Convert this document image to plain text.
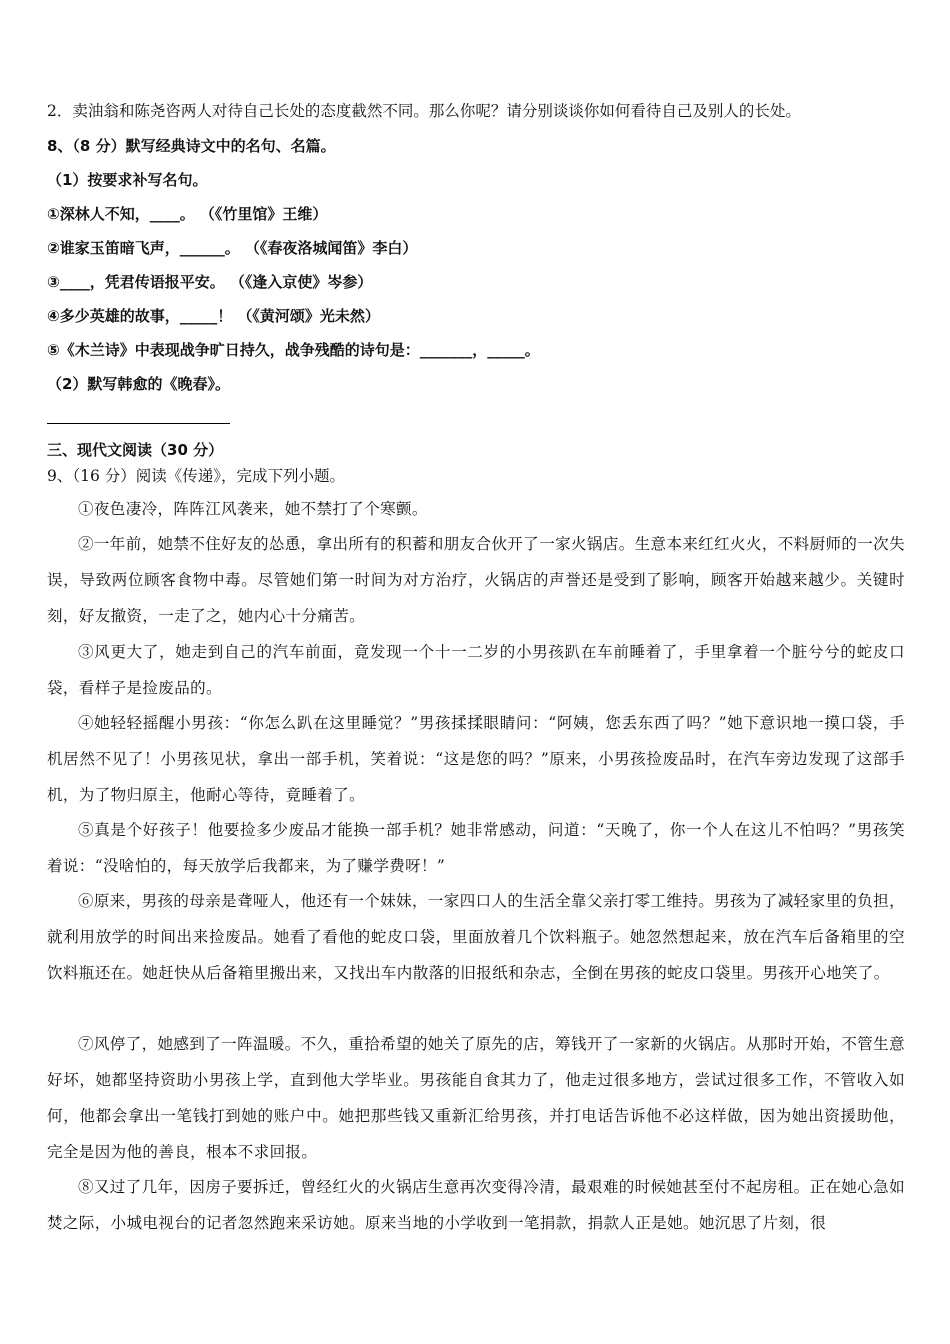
2．卖油翁和陈尧咨两人对待自己长处的态度截然不同。那么你呢？请分别谈谈你如何看待自己及别人的长处。
8、（8 分）默写经典诗文中的名句、名篇。
（1）按要求补写名句。
①深林人不知，____。 （《竹里馆》王维）
②谁家玉笛暗飞声，______。 （《春夜洛城闻笛》李白）
③____，凭君传语报平安。 （《逢入京使》岑参）
④多少英雄的故事，_____！ （《黄河颂》光未然）
⑤《木兰诗》中表现战争旷日持久，战争残酷的诗句是：_______，_____。
（2）默写韩愈的《晚春》。
三、现代文阅读（30 分）
9、（16 分）阅读《传递》，完成下列小题。
①夜色凄冷，阵阵江风袭来，她不禁打了个寒颤。
②一年前，她禁不住好友的怂恿，拿出所有的积蓄和朋友合伙开了一家火锅店。生意本来红红火火，不料厨师的一次失误，导致两位顾客食物中毒。尽管她们第一时间为对方治疗，火锅店的声誉还是受到了影响，顾客开始越来越少。关键时刻，好友撤资，一走了之，她内心十分痛苦。
③风更大了，她走到自己的汽车前面，竟发现一个十一二岁的小男孩趴在车前睡着了，手里拿着一个脏兮兮的蛇皮口袋，看样子是捡废品的。
④她轻轻摇醒小男孩：“你怎么趴在这里睡觉？”男孩揉揉眼睛问：“阿姨，您丢东西了吗？”她下意识地一摸口袋，手机居然不见了！小男孩见状，拿出一部手机，笑着说：“这是您的吗？”原来，小男孩捡废品时，在汽车旁边发现了这部手机，为了物归原主，他耐心等待，竟睡着了。
⑤真是个好孩子！他要捡多少废品才能换一部手机？她非常感动，问道：“天晚了，你一个人在这儿不怕吗？”男孩笑着说：“没啥怕的，每天放学后我都来，为了赚学费呀！”
⑥原来，男孩的母亲是聋哑人，他还有一个妹妹，一家四口人的生活全靠父亲打零工维持。男孩为了减轻家里的负担，就利用放学的时间出来捡废品。她看了看他的蛇皮口袋，里面放着几个饮料瓶子。她忽然想起来，放在汽车后备箱里的空饮料瓶还在。她赶快从后备箱里搬出来，又找出车内散落的旧报纸和杂志，全倒在男孩的蛇皮口袋里。男孩开心地笑了。
⑦风停了，她感到了一阵温暖。不久，重拾希望的她关了原先的店，筹钱开了一家新的火锅店。从那时开始，不管生意好坏，她都坚持资助小男孩上学，直到他大学毕业。男孩能自食其力了，他走过很多地方，尝试过很多工作，不管收入如何，他都会拿出一笔钱打到她的账户中。她把那些钱又重新汇给男孩，并打电话告诉他不必这样做，因为她出资援助他，完全是因为他的善良，根本不求回报。
⑧又过了几年，因房子要拆迁，曾经红火的火锅店生意再次变得冷清，最艰难的时候她甚至付不起房租。正在她心急如焚之际，小城电视台的记者忽然跑来采访她。原来当地的小学收到一笔捐款，捐款人正是她。她沉思了片刻，很
